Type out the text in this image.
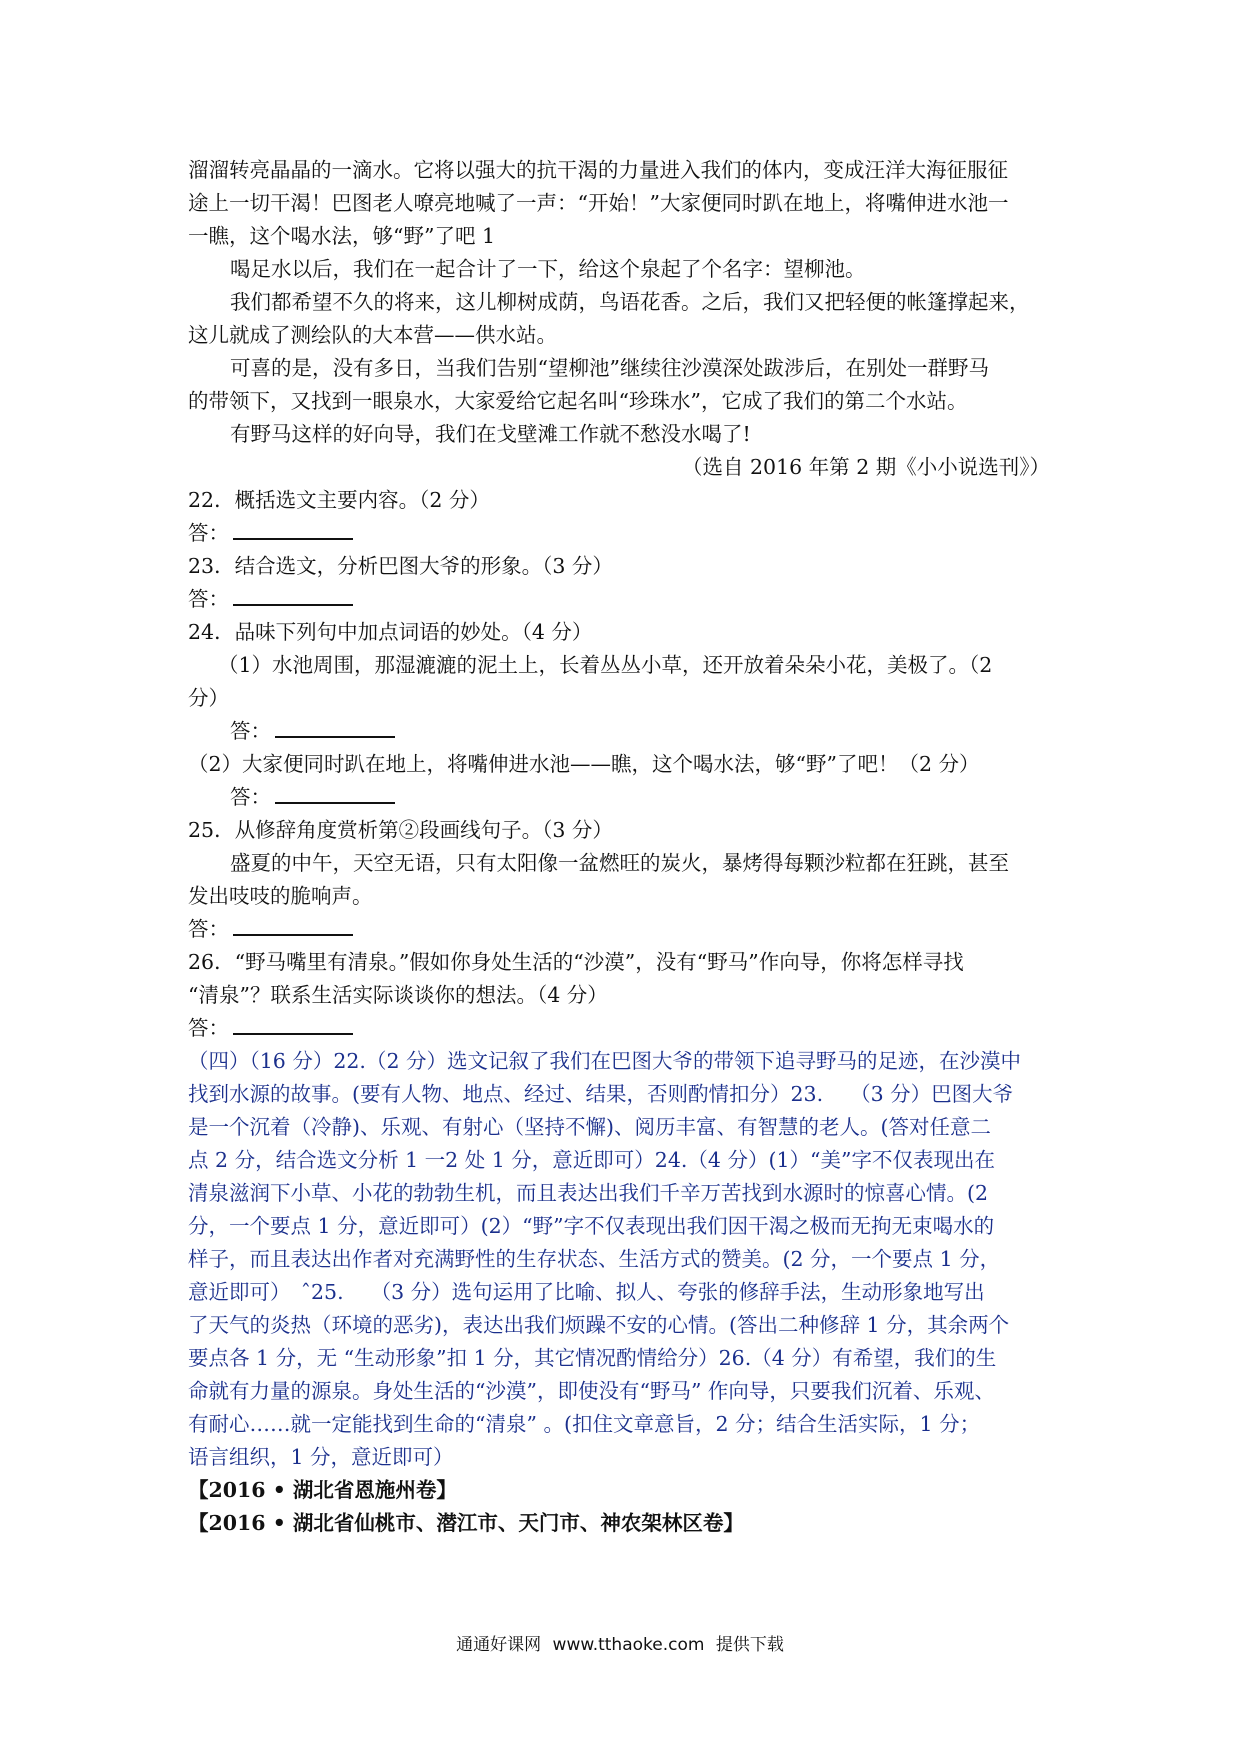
溜溜转亮晶晶的一滴水。它将以强大的抗干渴的力量进入我们的体内，变成汪洋大海征服征

途上一切干渴！巴图老人嘹亮地喊了一声：“开始！”大家便同时趴在地上，将嘴伸进水池一

一瞧，这个喝水法，够“野”了吧 1

喝足水以后，我们在一起合计了一下，给这个泉起了个名字：望柳池。

我们都希望不久的将来，这儿柳树成荫，鸟语花香。之后，我们又把轻便的帐篷撑起来，

这儿就成了测绘队的大本营——供水站。

可喜的是，没有多日，当我们告别“望柳池”继续往沙漠深处跋涉后，在别处一群野马

的带领下，又找到一眼泉水，大家爱给它起名叫“珍珠水”，它成了我们的第二个水站。

有野马这样的好向导，我们在戈壁滩工作就不愁没水喝了!

（选自 2016 年第 2 期《小小说选刊》）

22．概括选文主要内容。（2 分）

答：

23．结合选文，分析巴图大爷的形象。（3 分）

答：

24．品味下列句中加点词语的妙处。（4 分）

（1）水池周围，那湿漉漉的泥土上，长着丛丛小草，还开放着朵朵小花，美极了。（2

分）

答：

（2）大家便同时趴在地上，将嘴伸进水池——瞧，这个喝水法，够“野”了吧！（2 分）

答：

25．从修辞角度赏析第②段画线句子。（3 分）

盛夏的中午，天空无语，只有太阳像一盆燃旺的炭火，暴烤得每颗沙粒都在狂跳，甚至

发出吱吱的脆响声。

答：

26．“野马嘴里有清泉。”假如你身处生活的“沙漠”，没有“野马”作向导，你将怎样寻找

“清泉”？联系生活实际谈谈你的想法。（4 分）

答：

（四）（16 分）22.（2 分）选文记叙了我们在巴图大爷的带领下追寻野马的足迹，在沙漠中

找到水源的故事。(要有人物、地点、经过、结果，否则酌情扣分）23.　 （3 分）巴图大爷

是一个沉着（冷静)、乐观、有射心（坚持不懈)、阅历丰富、有智慧的老人。(答对任意二

点 2 分，结合选文分析 1 一2 处 1 分，意近即可）24.（4 分）(1）“美”字不仅表现出在

清泉滋润下小草、小花的勃勃生机，而且表达出我们千辛万苦找到水源时的惊喜心情。(2

分，一个要点 1 分，意近即可）(2）“野”字不仅表现出我们因干渴之极而无拘无束喝水的

样子，而且表达出作者对充满野性的生存状态、生活方式的赞美。(2 分，一个要点 1 分，

意近即可）　ˆ25.　 （3 分）选句运用了比喻、拟人、夸张的修辞手法，生动形象地写出

了天气的炎热（环境的恶劣)，表达出我们烦躁不安的心情。(答出二种修辞 1 分，其余两个

要点各 1 分，无 “生动形象”扣 1 分，其它情况酌情给分）26.（4 分）有希望，我们的生

命就有力量的源泉。身处生活的“沙漠”，即使没有“野马” 作向导，只要我们沉着、乐观、

有耐心……就一定能找到生命的“清泉” 。(扣住文章意旨，2 分；结合生活实际，1 分；

语言组织，1 分，意近即可）

【2016 • 湖北省恩施州卷】

【2016 • 湖北省仙桃市、潜江市、天门市、神农架林区卷】

通通好课网 www.tthaoke.com 提供下载
